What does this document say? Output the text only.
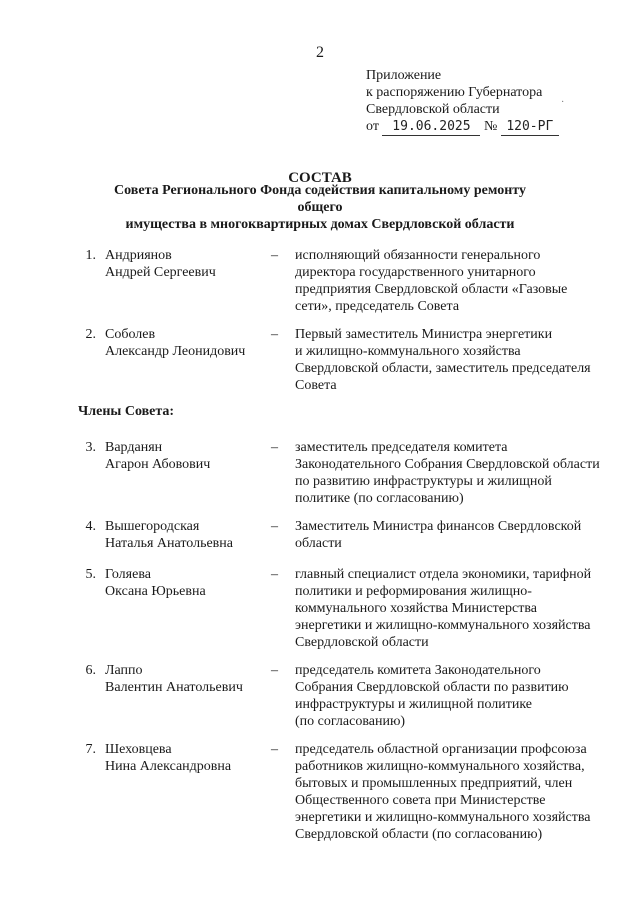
2
Приложение
к распоряжению Губернатора
Свердловской области
от 19.06.2025 № 120-РГ
·
СОСТАВ
Совета Регионального Фонда содействия капитальному ремонту общего
имущества в многоквартирных домах Свердловской области
1. Андриянов
Андрей Сергеевич
– исполняющий обязанности генерального
директора государственного унитарного
предприятия Свердловской области «Газовые
сети», председатель Совета
2. Соболев
Александр Леонидович
– Первый заместитель Министра энергетики
и жилищно-коммунального хозяйства
Свердловской области, заместитель председателя
Совета
Члены Совета:
3. Варданян
Агарон Абовович
– заместитель председателя комитета
Законодательного Собрания Свердловской области
по развитию инфраструктуры и жилищной
политике (по согласованию)
4. Вышегородская
Наталья Анатольевна
– Заместитель Министра финансов Свердловской
области
5. Голяева
Оксана Юрьевна
– главный специалист отдела экономики, тарифной
политики и реформирования жилищно-
коммунального хозяйства Министерства
энергетики и жилищно-коммунального хозяйства
Свердловской области
6. Лаппо
Валентин Анатольевич
– председатель комитета Законодательного
Собрания Свердловской области по развитию
инфраструктуры и жилищной политике
(по согласованию)
7. Шеховцева
Нина Александровна
– председатель областной организации профсоюза
работников жилищно-коммунального хозяйства,
бытовых и промышленных предприятий, член
Общественного совета при Министерстве
энергетики и жилищно-коммунального хозяйства
Свердловской области (по согласованию)
